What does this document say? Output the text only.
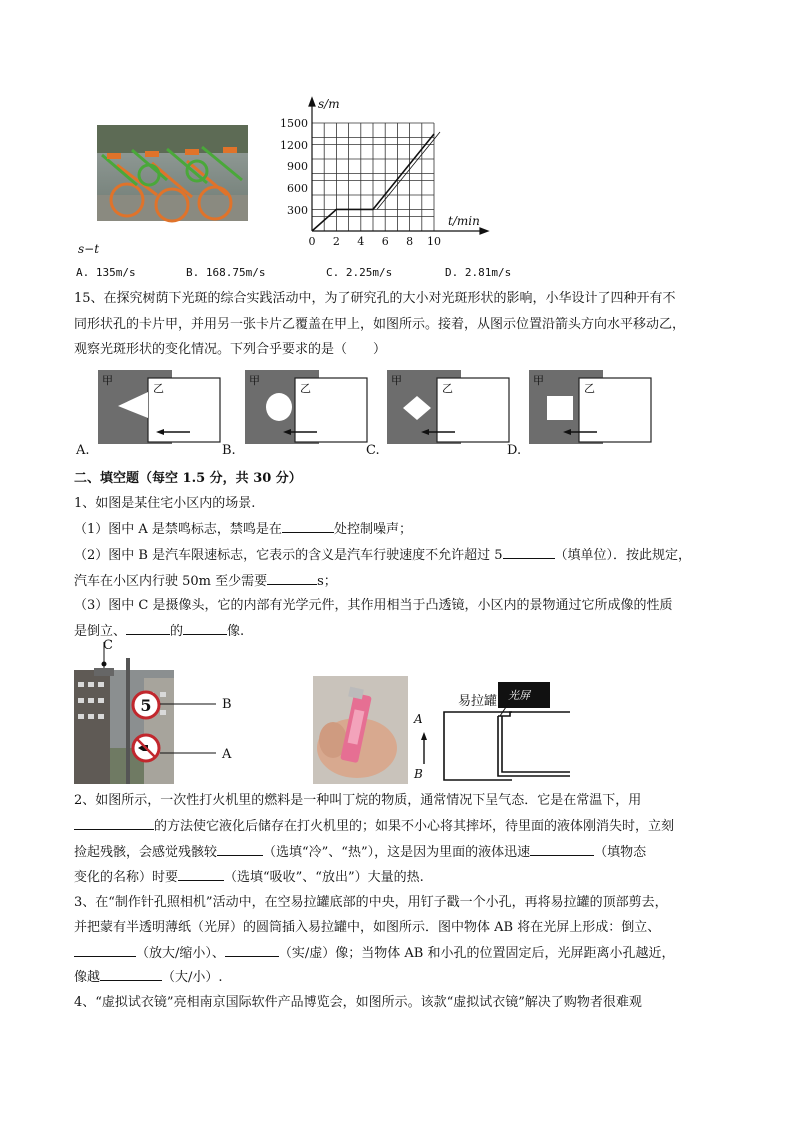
1500
1200
900
600
300
0 2 4 6 8 10
s/m
t/min
s−t
A. 135m/s	B. 168.75m/s	C. 2.25m/s	D. 2.81m/s
15、在探究树荫下光斑的综合实践活动中，为了研究孔的大小对光斑形状的影响，小华设计了四种开有不
同形状孔的卡片甲，并用另一张卡片乙覆盖在甲上，如图所示。接着，从图示位置沿箭头方向水平移动乙，
观察光斑形状的变化情况。下列合乎要求的是（　　）
甲
乙
A.
甲
乙
B.
甲
乙
C.
甲
乙
D.
二、填空题（每空 1.5 分，共 30 分）
1、如图是某住宅小区内的场景.
（1）图中 A 是禁鸣标志，禁鸣是在	处控制噪声；
（2）图中 B 是汽车限速标志，它表示的含义是汽车行驶速度不允许超过 5	（填单位）．按此规定，
汽车在小区内行驶 50m 至少需要	s；
（3）图中 C 是摄像头，它的内部有光学元件，其作用相当于凸透镜，小区内的景物通过它所成像的性质
是倒立、	的	像.
5	B
A
C
光屏
易拉罐
A
B
2、如图所示，一次性打火机里的燃料是一种叫丁烷的物质，通常情况下呈气态．它是在常温下，用
的方法使它液化后储存在打火机里的；如果不小心将其摔坏，待里面的液体刚消失时，立刻
捡起残骸，会感觉残骸较	（选填“冷”、“热”），这是因为里面的液体迅速	（填物态
变化的名称）时要	（选填“吸收”、“放出”）大量的热.
3、在“制作针孔照相机”活动中，在空易拉罐底部的中央，用钉子戳一个小孔，再将易拉罐的顶部剪去，
并把蒙有半透明薄纸（光屏）的圆筒插入易拉罐中，如图所示．图中物体 AB 将在光屏上形成：倒立、
（放大/缩小）、	（实/虚）像；当物体 AB 和小孔的位置固定后，光屏距离小孔越近，
像越	（大/小）.
4、“虚拟试衣镜”亮相南京国际软件产品博览会，如图所示。该款“虚拟试衣镜”解决了购物者很难观
